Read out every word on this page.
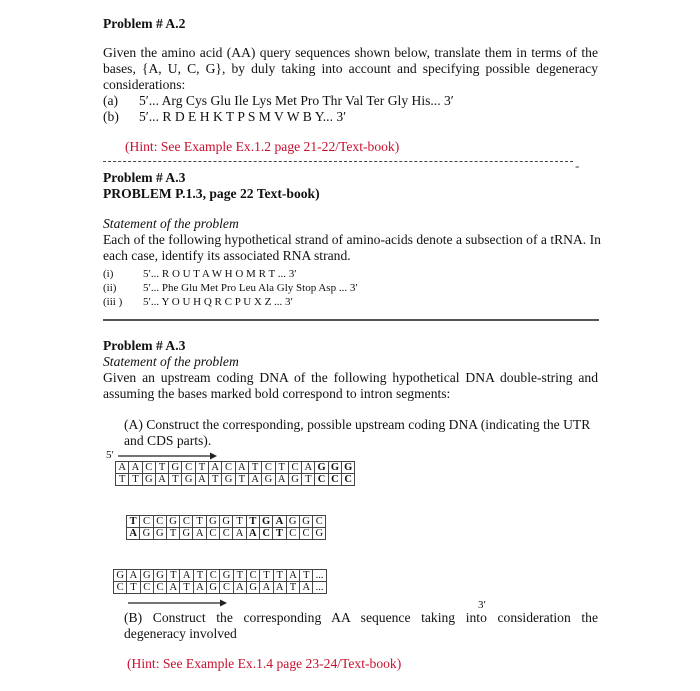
Problem # A.2
Given the amino acid (AA) query sequences shown below, translate them in terms of the bases, {A, U, C, G}, by duly taking into account and specifying possible degeneracy considerations:
(a) 5′... Arg Cys Glu Ile Lys Met Pro Thr Val Ter Gly His... 3′
(b) 5′... R D E H K T P S M V W B Y... 3′
(Hint: See Example Ex.1.2 page 21-22/Text-book)
-
Problem # A.3
PROBLEM P.1.3, page 22 Text-book)
Statement of the problem
Each of the following hypothetical strand of amino-acids denote a subsection of a tRNA. In each case, identify its associated RNA strand.
(i)	5′... R O U T A W H O M R T ... 3′
(ii) 5′... Phe Glu Met Pro Leu Ala Gly Stop Asp ... 3′
(iii ) 5′... Y O U H Q R C P U X Z ... 3′
Problem # A.3
Statement of the problem
Given an upstream coding DNA of the following hypothetical DNA double-string and assuming the bases marked bold correspond to intron segments:
(A) Construct the corresponding, possible upstream coding DNA (indicating the UTR and CDS parts).
5′
A	A	C	T	G	C	T	A	C	A	T	C	T	C	A	G	G	G
T	T	G	A	T	G	A	T	G	T	A	G	A	G	T	C	C	C
T	C	C	G	C	T	G	G	T	T	G	A	G	G	C
A	G	G	T	G	A	C	C	A	A	C	T	C	C	G
G	A	G	G	T	A	T	C	G	T	C	T	T	A	T	...
C	T	C	C	A	T	A	G	C	A	G	A	A	T	A	...
3′
(B) Construct the corresponding AA sequence taking into consideration the degeneracy involved
(Hint: See Example Ex.1.4 page 23-24/Text-book)
